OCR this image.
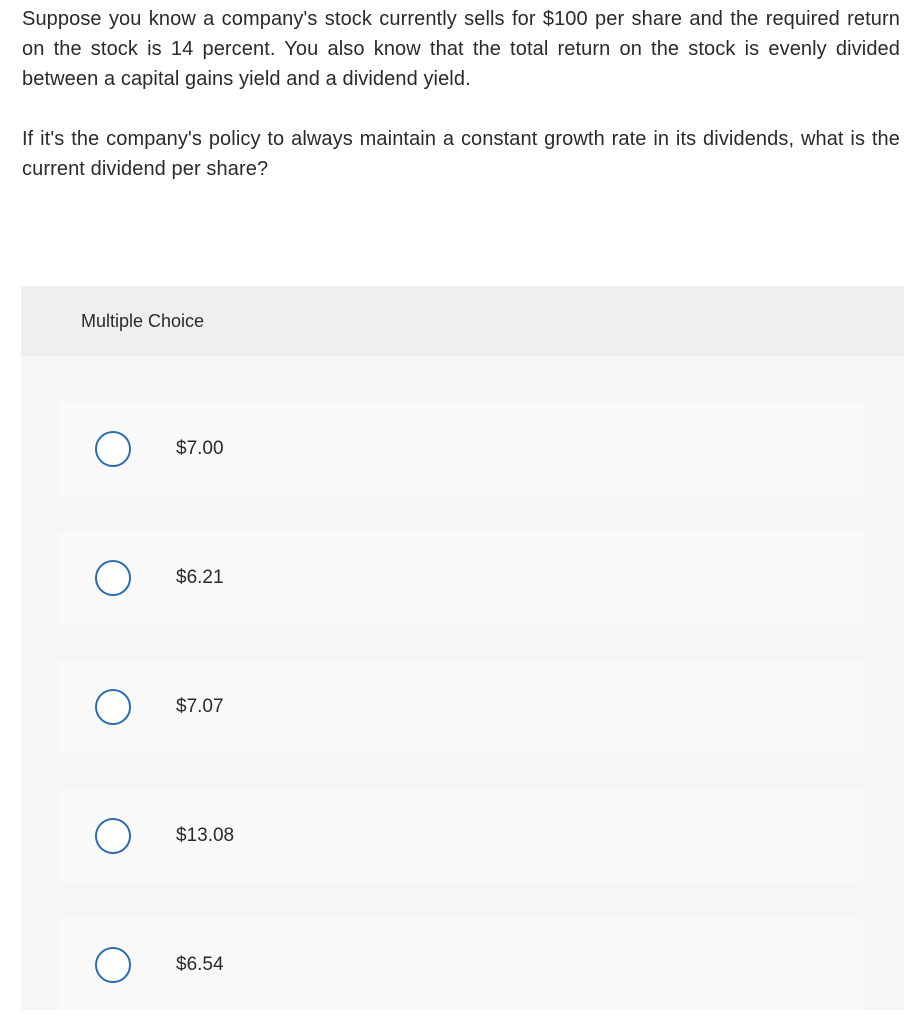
Suppose you know a company's stock currently sells for $100 per share and the required return on the stock is 14 percent. You also know that the total return on the stock is evenly divided between a capital gains yield and a dividend yield.

If it's the company's policy to always maintain a constant growth rate in its dividends, what is the current dividend per share?

Multiple Choice
$7.00
$6.21
$7.07
$13.08
$6.54
